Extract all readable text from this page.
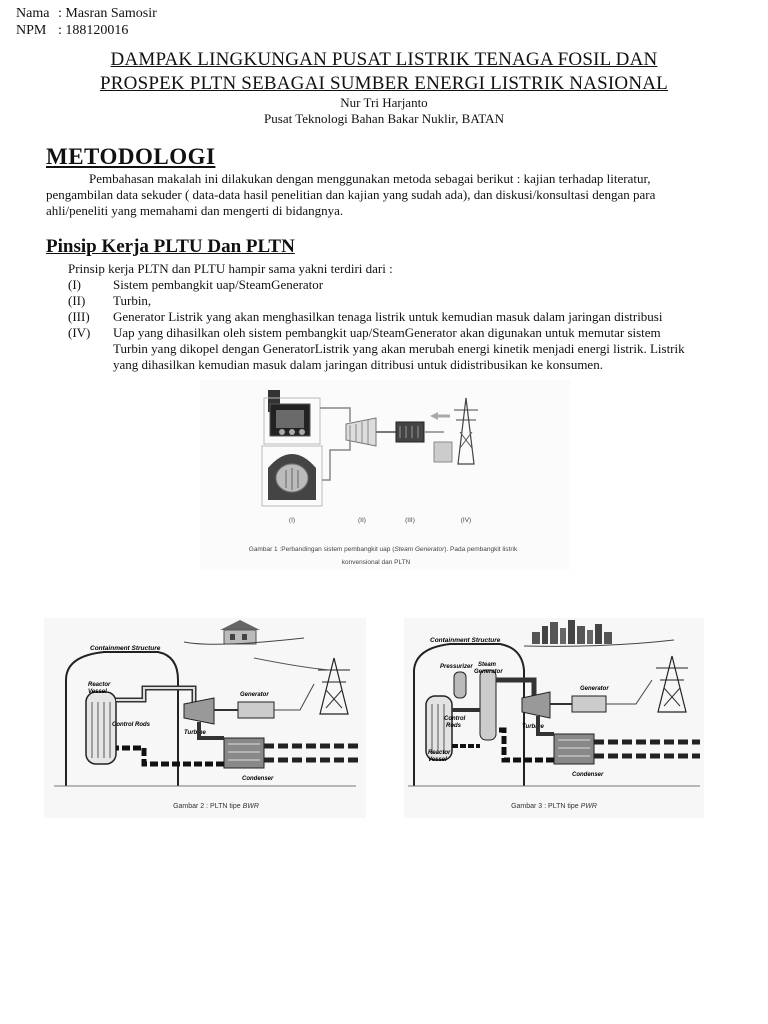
Nama : Masran Samosir
NPM : 188120016
DAMPAK LINGKUNGAN PUSAT LISTRIK TENAGA FOSIL DAN
PROSPEK PLTN SEBAGAI SUMBER ENERGI LISTRIK NASIONAL
Nur Tri Harjanto
Pusat Teknologi Bahan Bakar Nuklir, BATAN
METODOLOGI
Pembahasan makalah ini dilakukan dengan menggunakan metoda sebagai berikut : kajian terhadap literatur,
pengambilan data sekuder ( data-data hasil penelitian dan kajian yang sudah ada), dan diskusi/konsultasi dengan para
ahli/peneliti yang memahami dan mengerti di bidangnya.
Pinsip Kerja PLTU Dan PLTN
Prinsip kerja PLTN dan PLTU hampir sama yakni terdiri dari :
(I) Sistem pembangkit uap/SteamGenerator
(II) Turbin,
(III) Generator Listrik yang akan menghasilkan tenaga listrik untuk kemudian masuk dalam jaringan distribusi
(IV) Uap yang dihasilkan oleh sistem pembangkit uap/SteamGenerator akan digunakan untuk memutar sistem
Turbin yang dikopel dengan GeneratorListrik yang akan merubah energi kinetik menjadi energi listrik. Listrik
yang dihasilkan kemudian masuk dalam jaringan ditribusi untuk didistribusikan ke konsumen.
(I)	(II)	(III)	(IV)
Gambar 1 :Perbandingan sistem pembangkit uap (Steam Generator). Pada pembangkit listrik
konvensional dan PLTN
Containment Structure
Reactor
Vessel
Control Rods
Turbine
Generator
Condenser
Gambar 2 : PLTN tipe BWR
Containment Structure
Pressurizer Steam
Generator
Control
Rods
Reactor
Vessel
Turbine
Generator
Condenser
Gambar 3 : PLTN tipe PWR
